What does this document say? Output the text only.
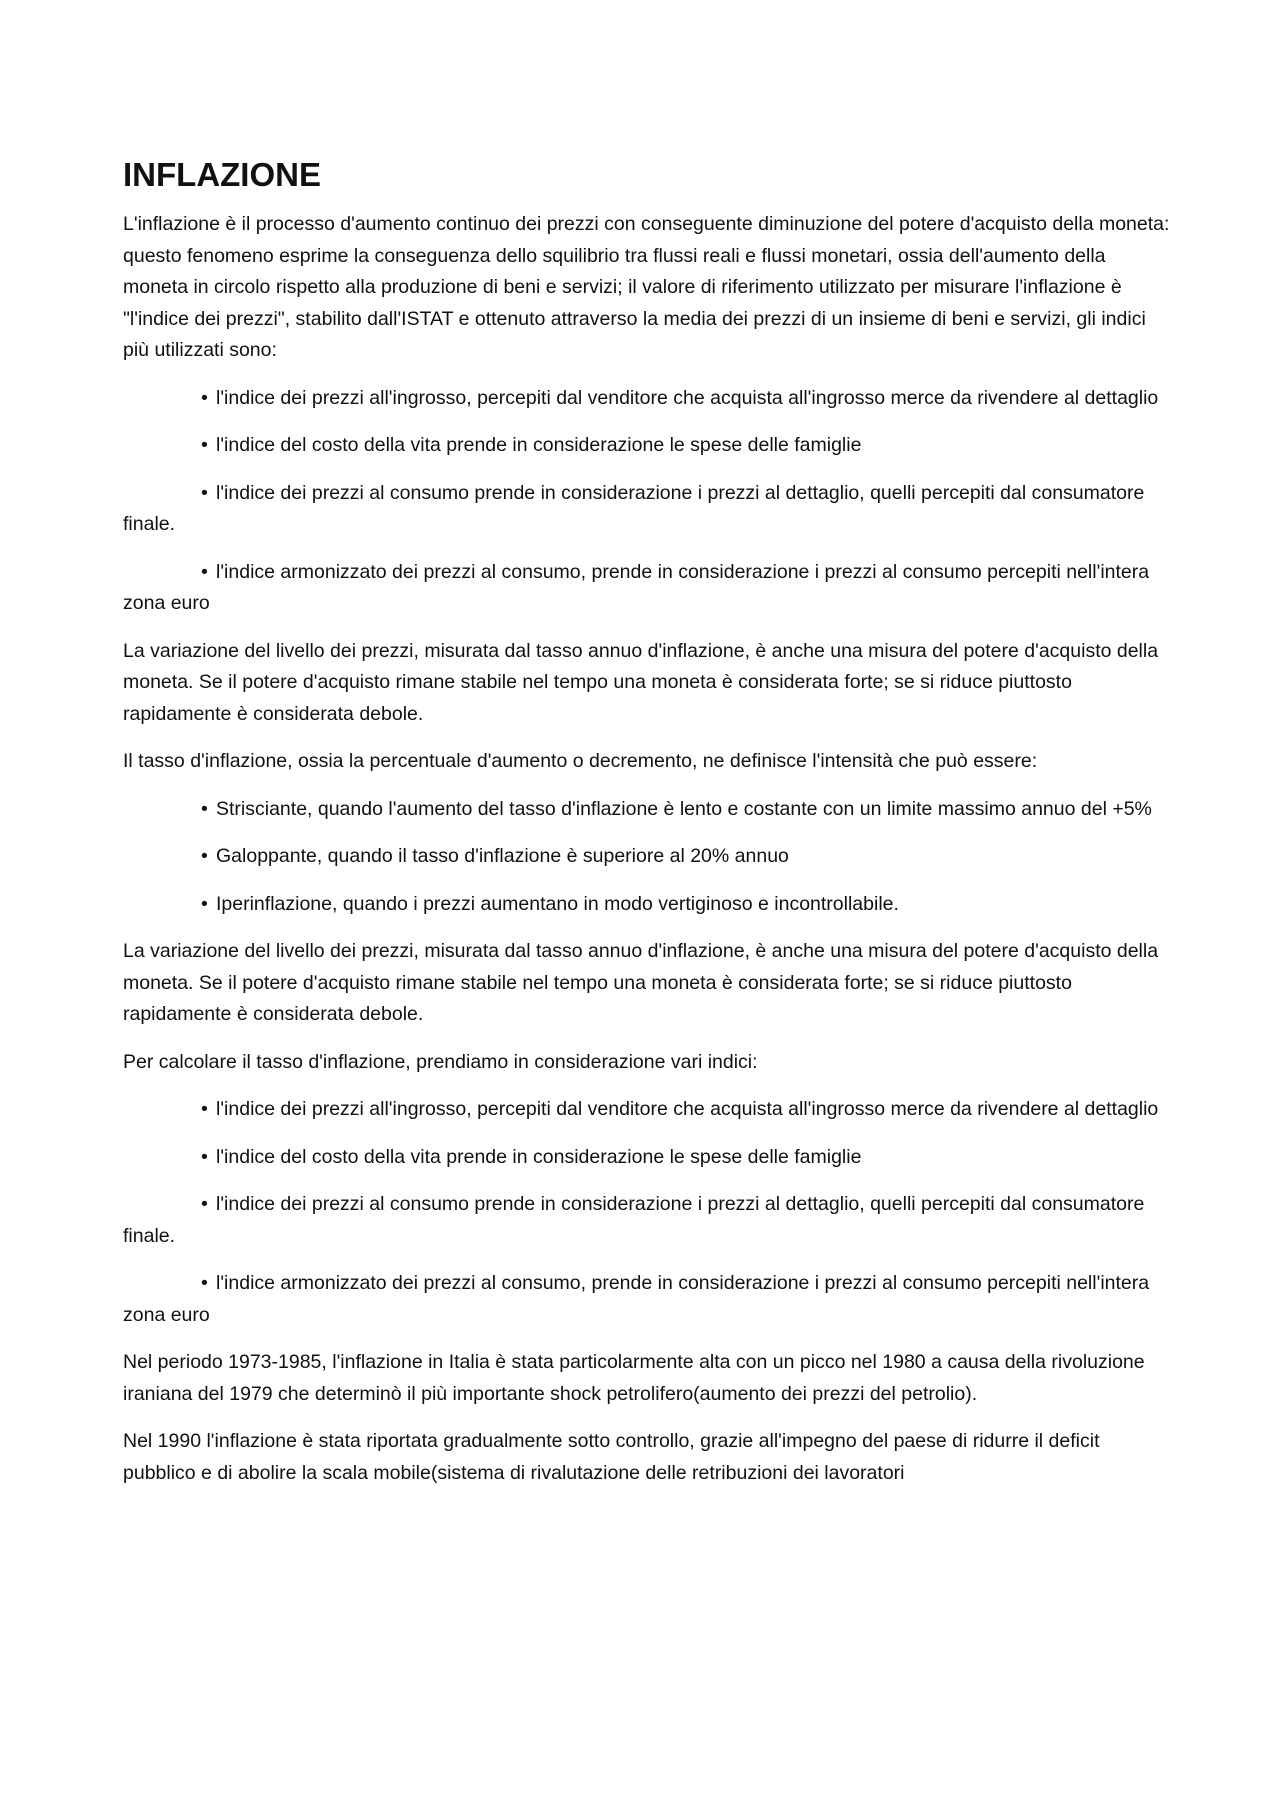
INFLAZIONE
L'inflazione è il processo d'aumento continuo dei prezzi con conseguente diminuzione del potere d'acquisto della moneta: questo fenomeno esprime la conseguenza dello squilibrio tra flussi reali e flussi monetari, ossia dell'aumento della moneta in circolo rispetto alla produzione di beni e servizi; il valore di riferimento utilizzato per misurare l'inflazione è "l'indice dei prezzi", stabilito dall'ISTAT e ottenuto attraverso la media dei prezzi di un insieme di beni e servizi, gli indici più utilizzati sono:
• l'indice dei prezzi all'ingrosso, percepiti dal venditore che acquista all'ingrosso merce da rivendere al dettaglio
• l'indice del costo della vita prende in considerazione le spese delle famiglie
• l'indice dei prezzi al consumo prende in considerazione i prezzi al dettaglio, quelli percepiti dal consumatore finale.
• l'indice armonizzato dei prezzi al consumo, prende in considerazione i prezzi al consumo percepiti nell'intera zona euro
La variazione del livello dei prezzi, misurata dal tasso annuo d'inflazione, è anche una misura del potere d'acquisto della moneta. Se il potere d'acquisto rimane stabile nel tempo una moneta è considerata forte; se si riduce piuttosto rapidamente è considerata debole.
Il tasso d'inflazione, ossia la percentuale d'aumento o decremento, ne definisce l'intensità che può essere:
• Strisciante, quando l'aumento del tasso d'inflazione è lento e costante con un limite massimo annuo del +5%
• Galoppante, quando il tasso d'inflazione è superiore al 20% annuo
• Iperinflazione, quando i prezzi aumentano in modo vertiginoso e incontrollabile.
La variazione del livello dei prezzi, misurata dal tasso annuo d'inflazione, è anche una misura del potere d'acquisto della moneta. Se il potere d'acquisto rimane stabile nel tempo una moneta è considerata forte; se si riduce piuttosto rapidamente è considerata debole.
Per calcolare il tasso d'inflazione, prendiamo in considerazione vari indici:
• l'indice dei prezzi all'ingrosso, percepiti dal venditore che acquista all'ingrosso merce da rivendere al dettaglio
• l'indice del costo della vita prende in considerazione le spese delle famiglie
• l'indice dei prezzi al consumo prende in considerazione i prezzi al dettaglio, quelli percepiti dal consumatore finale.
• l'indice armonizzato dei prezzi al consumo, prende in considerazione i prezzi al consumo percepiti nell'intera zona euro
Nel periodo 1973-1985, l'inflazione in Italia è stata particolarmente alta con un picco nel 1980 a causa della rivoluzione iraniana del 1979 che determinò il più importante shock petrolifero(aumento dei prezzi del petrolio).
Nel 1990 l'inflazione è stata riportata gradualmente sotto controllo, grazie all'impegno del paese di ridurre il deficit pubblico e di abolire la scala mobile(sistema di rivalutazione delle retribuzioni dei lavoratori
